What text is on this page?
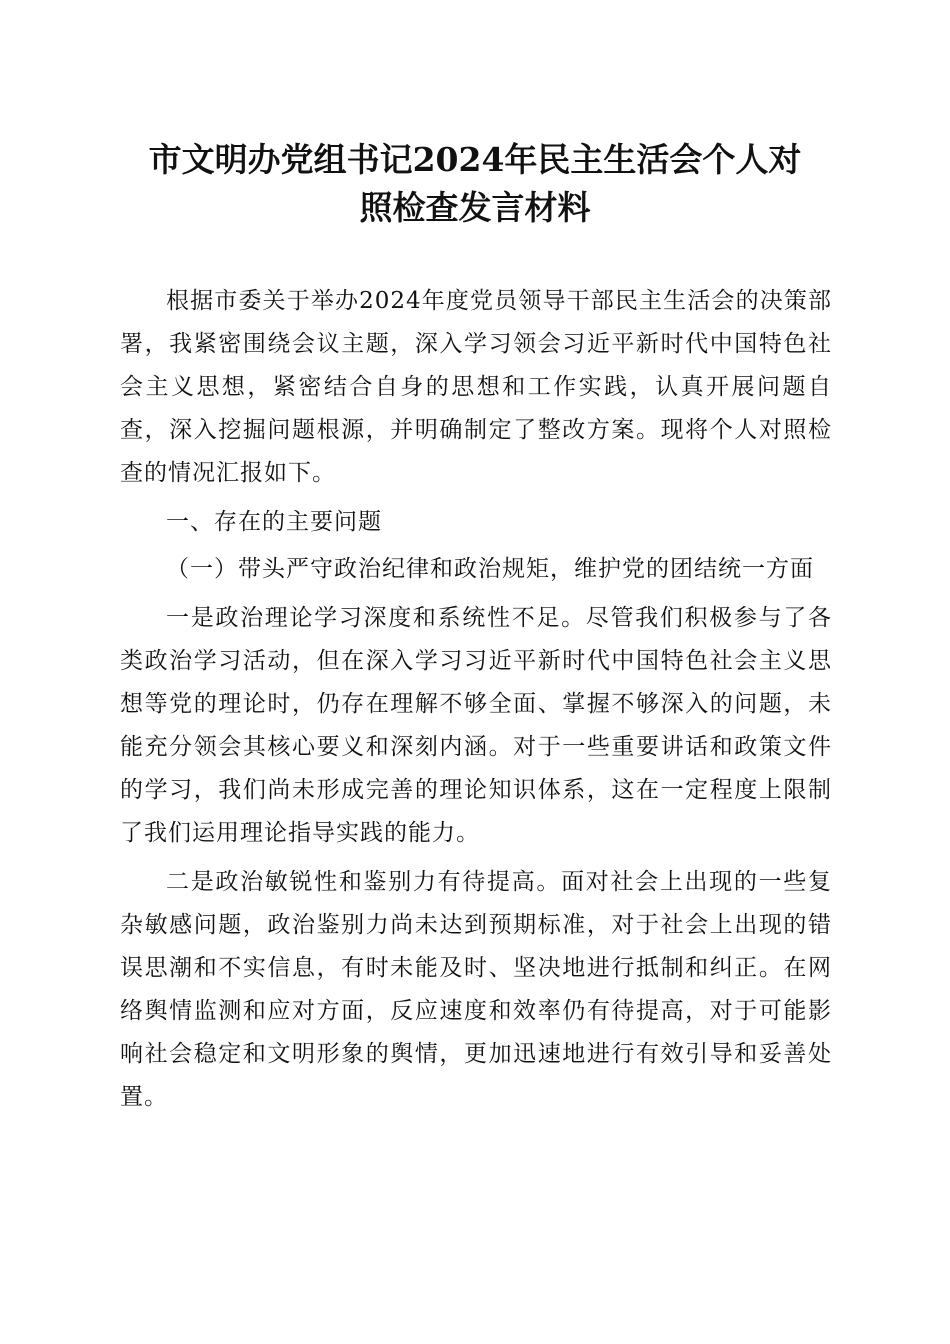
市文明办党组书记2024年民主生活会个人对
照检查发言材料

根据市委关于举办2024年度党员领导干部民主生活会的决策部署，我紧密围绕会议主题，深入学习领会习近平新时代中国特色社会主义思想，紧密结合自身的思想和工作实践，认真开展问题自查，深入挖掘问题根源，并明确制定了整改方案。现将个人对照检查的情况汇报如下。

一、存在的主要问题

（一）带头严守政治纪律和政治规矩，维护党的团结统一方面

一是政治理论学习深度和系统性不足。尽管我们积极参与了各类政治学习活动，但在深入学习习近平新时代中国特色社会主义思想等党的理论时，仍存在理解不够全面、掌握不够深入的问题，未能充分领会其核心要义和深刻内涵。对于一些重要讲话和政策文件的学习，我们尚未形成完善的理论知识体系，这在一定程度上限制了我们运用理论指导实践的能力。

二是政治敏锐性和鉴别力有待提高。面对社会上出现的一些复杂敏感问题，政治鉴别力尚未达到预期标准，对于社会上出现的错误思潮和不实信息，有时未能及时、坚决地进行抵制和纠正。在网络舆情监测和应对方面，反应速度和效率仍有待提高，对于可能影响社会稳定和文明形象的舆情，更加迅速地进行有效引导和妥善处置。
